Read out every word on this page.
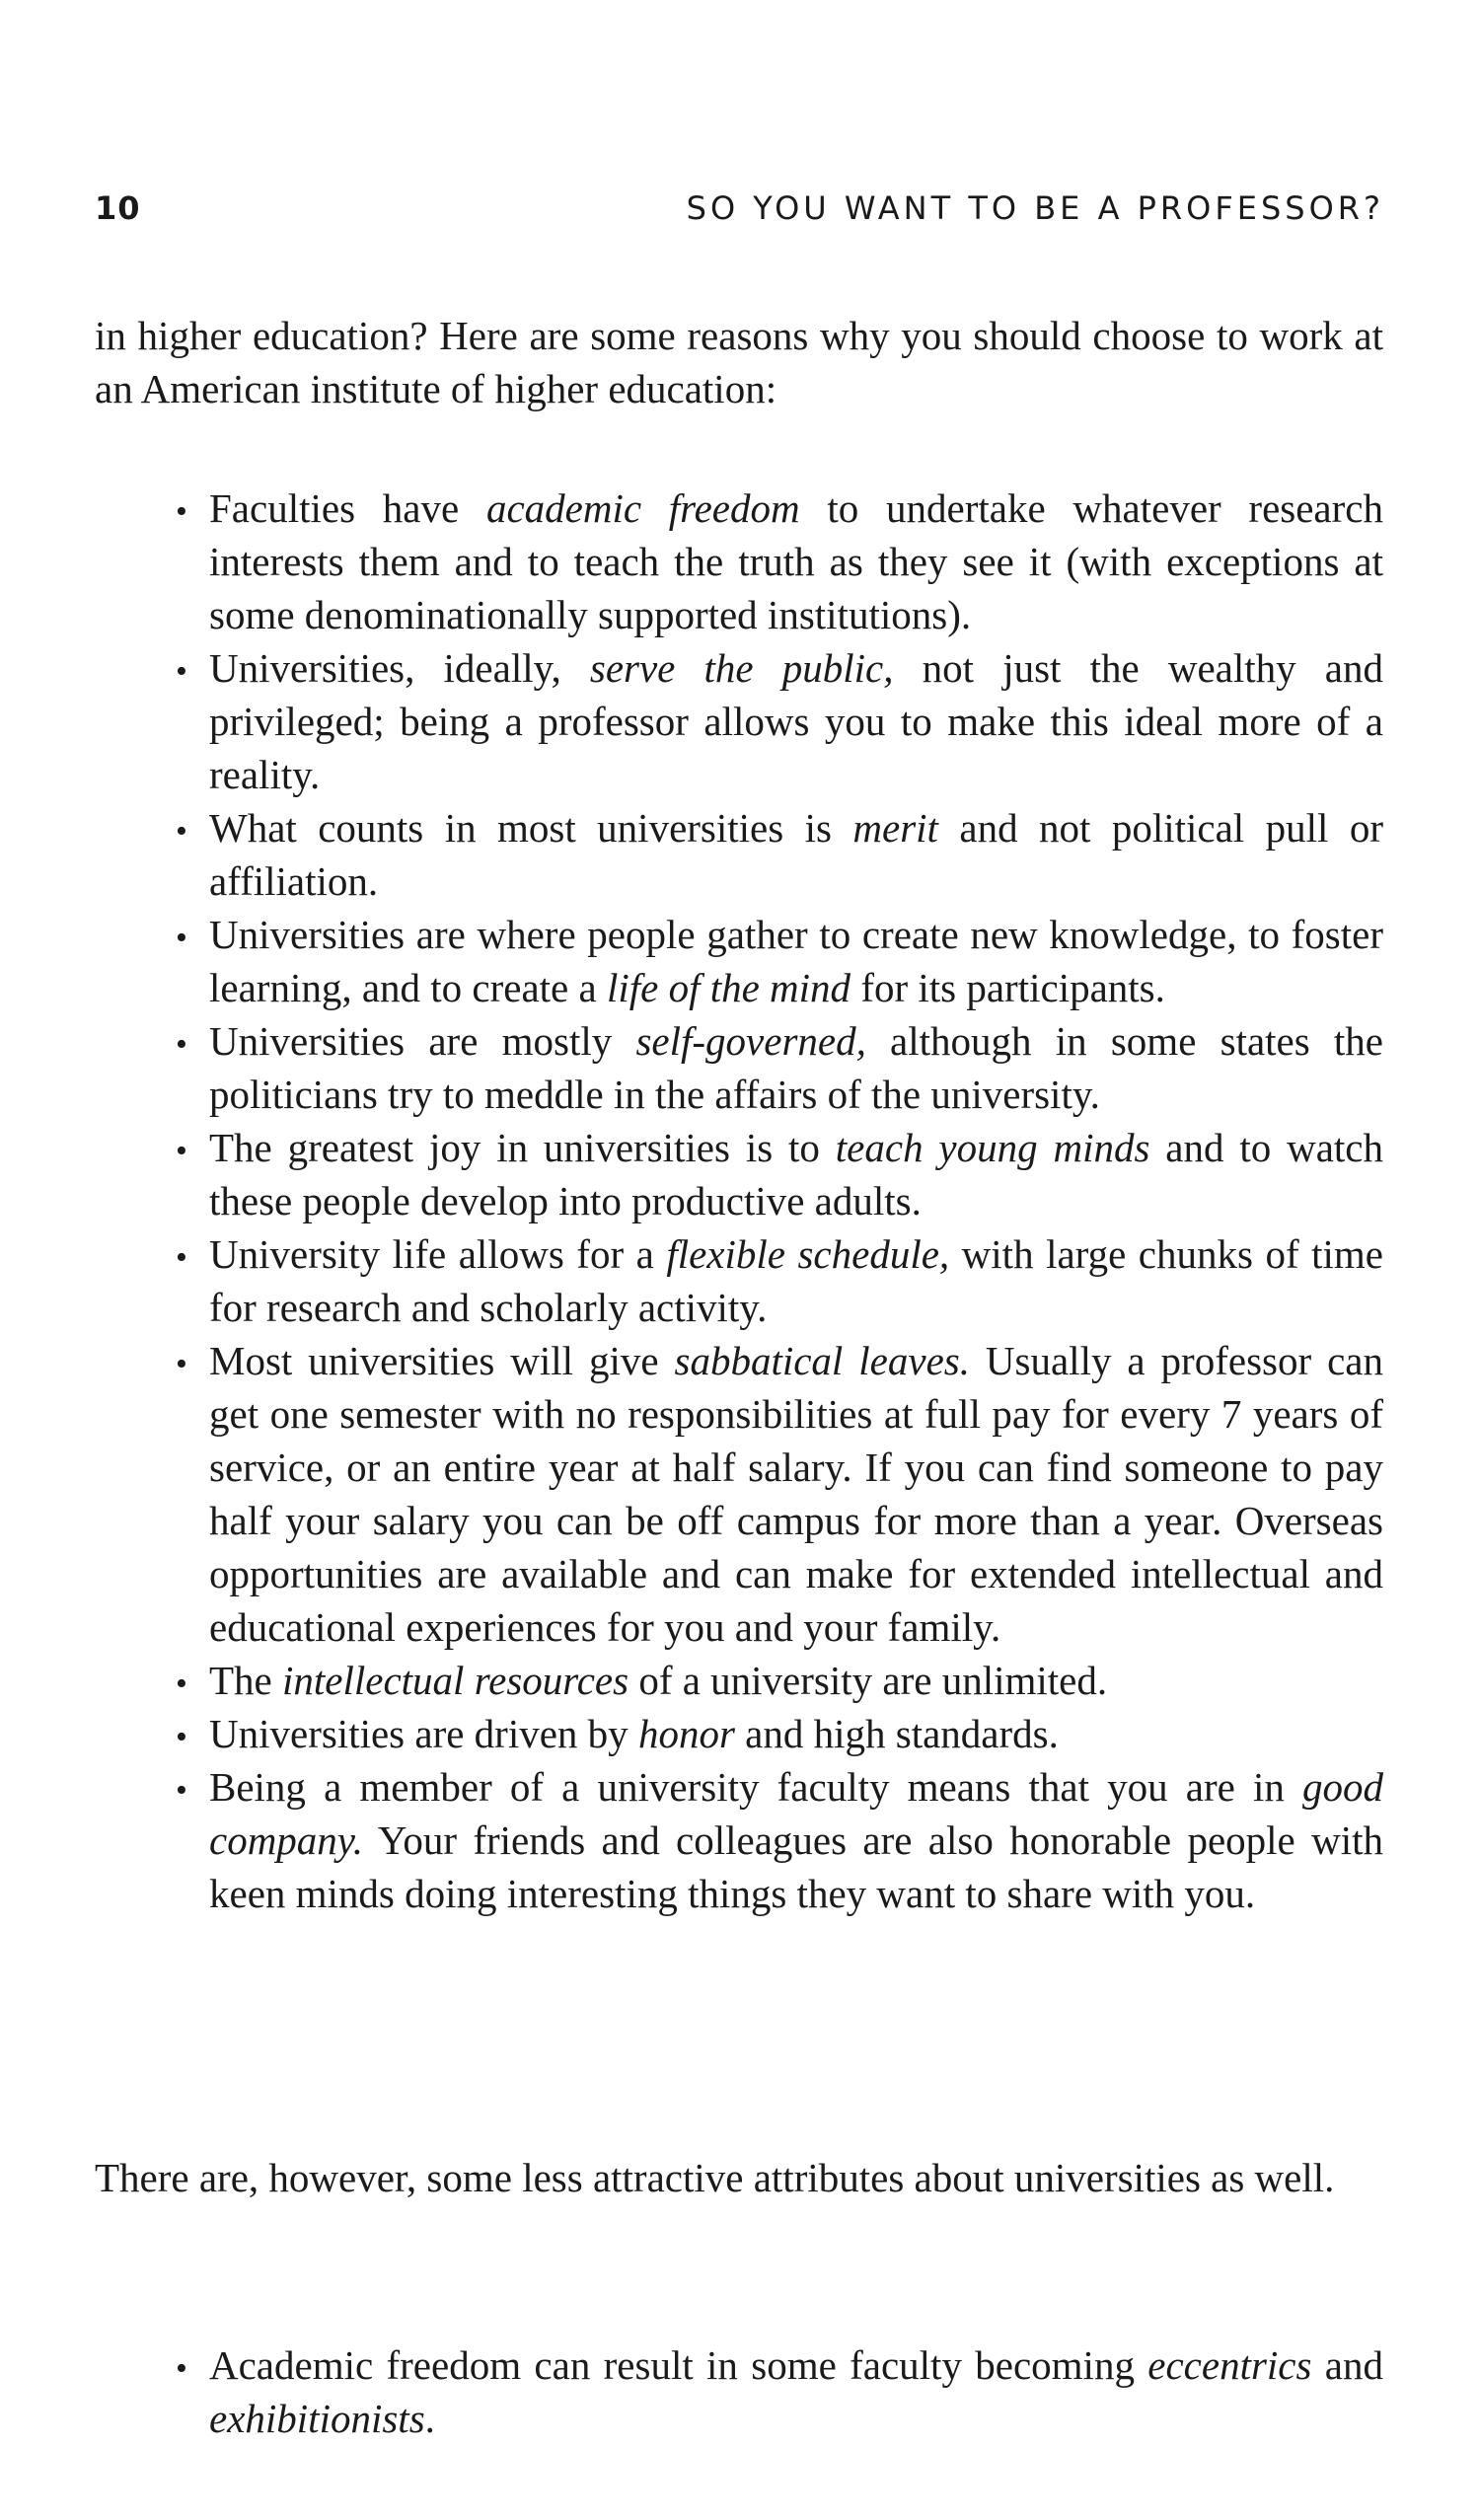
10	SO YOU WANT TO BE A PROFESSOR?

in higher education? Here are some reasons why you should choose to work at an American institute of higher education:

•
Faculties have academic freedom to undertake whatever research interests them and to teach the truth as they see it (with exceptions at some denominationally supported institutions).
•
Universities, ideally, serve the public, not just the wealthy and privileged; being a professor allows you to make this ideal more of a reality.
•
What counts in most universities is merit and not political pull or affiliation.
•
Universities are where people gather to create new knowledge, to foster learning, and to create a life of the mind for its participants.
•
Universities are mostly self-governed, although in some states the politicians try to meddle in the affairs of the university.
•
The greatest joy in universities is to teach young minds and to watch these people develop into productive adults.
•
University life allows for a flexible schedule, with large chunks of time for research and scholarly activity.
•
Most universities will give sabbatical leaves. Usually a professor can get one semester with no responsibilities at full pay for every 7 years of service, or an entire year at half salary. If you can find someone to pay half your salary you can be off campus for more than a year. Overseas opportunities are available and can make for extended intellectual and educational experiences for you and your family.
•
The intellectual resources of a university are unlimited.
•
Universities are driven by honor and high standards.
•
Being a member of a university faculty means that you are in good company. Your friends and colleagues are also honorable people with keen minds doing interesting things they want to share with you.

There are, however, some less attractive attributes about universities as well.

•
Academic freedom can result in some faculty becoming eccentrics and exhibitionists.
